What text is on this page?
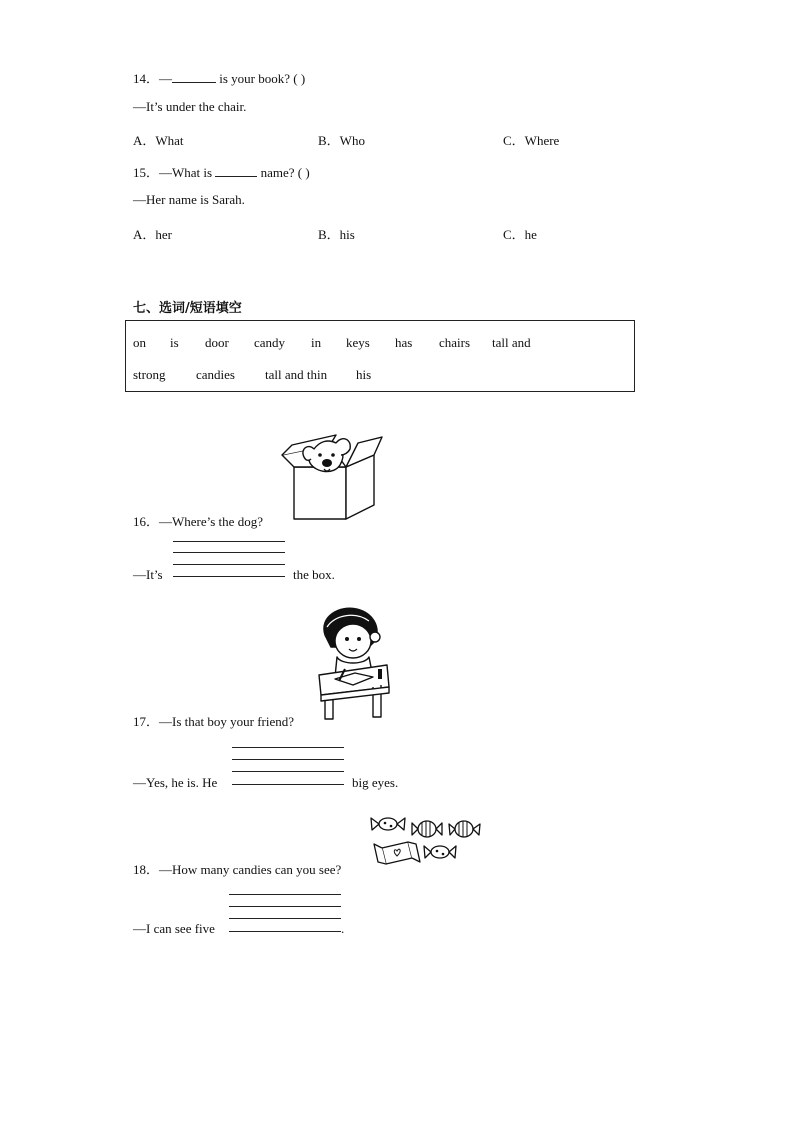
14．—	is your book? ( )
—It’s under the chair.
A．What	B．Who	C．Where
15．—What is	name? ( )
—Her name is Sarah.
A．her	B．his	C．he
七、选词/短语填空
on is door candy in keys has chairs tall and
strong candies tall and thin his
16．—Where’s the dog?
—It’s	the box.
17．—Is that boy your friend?
—Yes, he is. He	big eyes.
18．—How many candies can you see?
—I can see five	.
